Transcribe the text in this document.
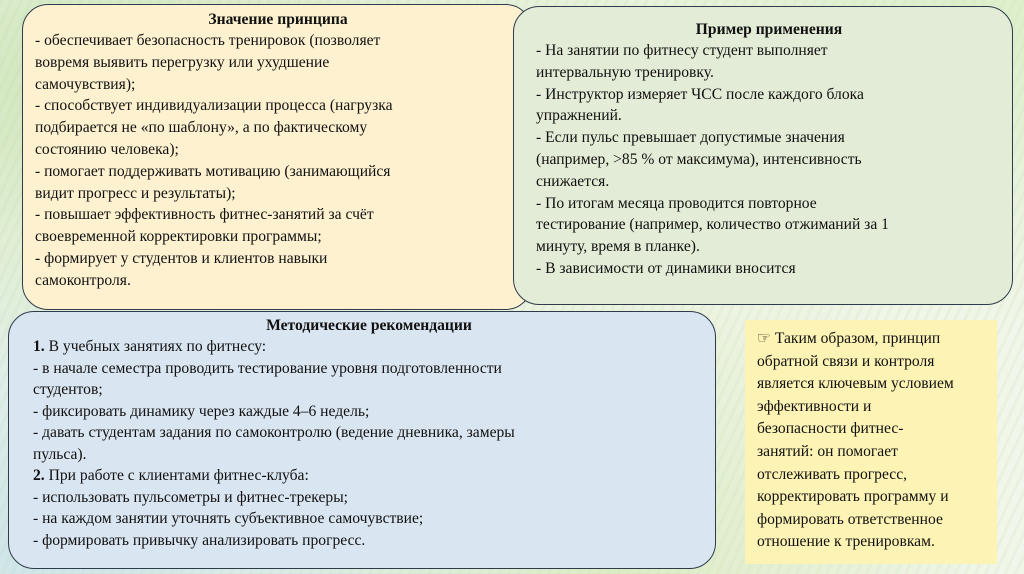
Значение принципа
- обеспечивает безопасность тренировок (позволяет
вовремя выявить перегрузку или ухудшение
самочувствия);
- способствует индивидуализации процесса (нагрузка
подбирается не «по шаблону», а по фактическому
состоянию человека);
- помогает поддерживать мотивацию (занимающийся
видит прогресс и результаты);
- повышает эффективность фитнес-занятий за счёт
своевременной корректировки программы;
- формирует у студентов и клиентов навыки
самоконтроля.
Пример применения
- На занятии по фитнесу студент выполняет
интервальную тренировку.
- Инструктор измеряет ЧСС после каждого блока
упражнений.
- Если пульс превышает допустимые значения
(например, >85 % от максимума), интенсивность
снижается.
- По итогам месяца проводится повторное
тестирование (например, количество отжиманий за 1
минуту, время в планке).
- В зависимости от динамики вносится
Методические рекомендации
1. В учебных занятиях по фитнесу:
- в начале семестра проводить тестирование уровня подготовленности
студентов;
- фиксировать динамику через каждые 4–6 недель;
- давать студентам задания по самоконтролю (ведение дневника, замеры
пульса).
2. При работе с клиентами фитнес-клуба:
- использовать пульсометры и фитнес-трекеры;
- на каждом занятии уточнять субъективное самочувствие;
- формировать привычку анализировать прогресс.
☞ Таким образом, принцип
обратной связи и контроля
является ключевым условием
эффективности и
безопасности фитнес-
занятий: он помогает
отслеживать прогресс,
корректировать программу и
формировать ответственное
отношение к тренировкам.
